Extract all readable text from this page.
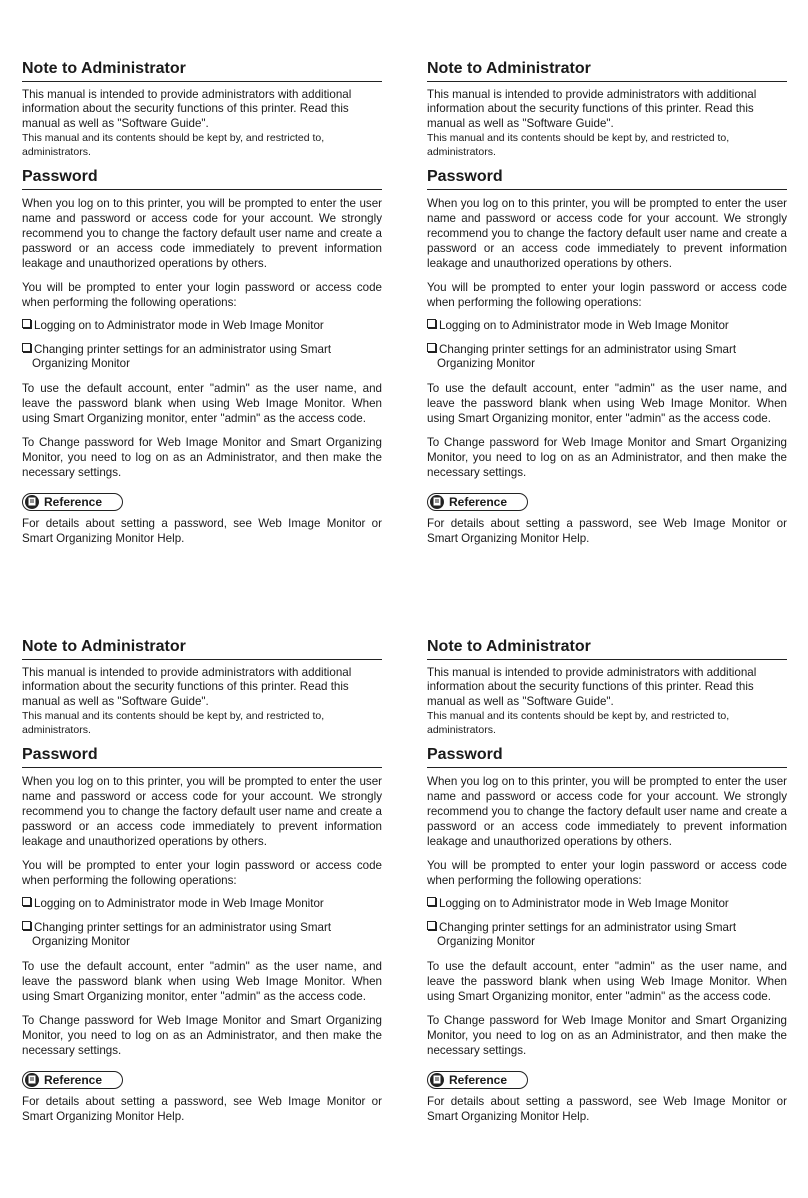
Note to Administrator

This manual is intended to provide administrators with additional information about the security functions of this printer. Read this manual as well as "Software Guide".

This manual and its contents should be kept by, and restricted to, administrators.

Password

When you log on to this printer, you will be prompted to enter the user name and password or access code for your account. We strongly recommend you to change the factory default user name and create a password or an access code immediately to prevent information leakage and unauthorized operations by others.

You will be prompted to enter your login password or access code when performing the following operations:

Logging on to Administrator mode in Web Image Monitor
Changing printer settings for an administrator using Smart Organizing Monitor

To use the default account, enter "admin" as the user name, and leave the password blank when using Web Image Monitor. When using Smart Organizing monitor, enter "admin" as the access code.

To Change password for Web Image Monitor and Smart Organizing Monitor, you need to log on as an Administrator, and then make the necessary settings.

Reference

For details about setting a password, see Web Image Monitor or Smart Organizing Monitor Help.

Note to Administrator

This manual is intended to provide administrators with additional information about the security functions of this printer. Read this manual as well as "Software Guide".

This manual and its contents should be kept by, and restricted to, administrators.

Password

When you log on to this printer, you will be prompted to enter the user name and password or access code for your account. We strongly recommend you to change the factory default user name and create a password or an access code immediately to prevent information leakage and unauthorized operations by others.

You will be prompted to enter your login password or access code when performing the following operations:

Logging on to Administrator mode in Web Image Monitor
Changing printer settings for an administrator using Smart Organizing Monitor

To use the default account, enter "admin" as the user name, and leave the password blank when using Web Image Monitor. When using Smart Organizing monitor, enter "admin" as the access code.

To Change password for Web Image Monitor and Smart Organizing Monitor, you need to log on as an Administrator, and then make the necessary settings.

Reference

For details about setting a password, see Web Image Monitor or Smart Organizing Monitor Help.

Note to Administrator

This manual is intended to provide administrators with additional information about the security functions of this printer. Read this manual as well as "Software Guide".

This manual and its contents should be kept by, and restricted to, administrators.

Password

When you log on to this printer, you will be prompted to enter the user name and password or access code for your account. We strongly recommend you to change the factory default user name and create a password or an access code immediately to prevent information leakage and unauthorized operations by others.

You will be prompted to enter your login password or access code when performing the following operations:

Logging on to Administrator mode in Web Image Monitor
Changing printer settings for an administrator using Smart Organizing Monitor

To use the default account, enter "admin" as the user name, and leave the password blank when using Web Image Monitor. When using Smart Organizing monitor, enter "admin" as the access code.

To Change password for Web Image Monitor and Smart Organizing Monitor, you need to log on as an Administrator, and then make the necessary settings.

Reference

For details about setting a password, see Web Image Monitor or Smart Organizing Monitor Help.

Note to Administrator

This manual is intended to provide administrators with additional information about the security functions of this printer. Read this manual as well as "Software Guide".

This manual and its contents should be kept by, and restricted to, administrators.

Password

When you log on to this printer, you will be prompted to enter the user name and password or access code for your account. We strongly recommend you to change the factory default user name and create a password or an access code immediately to prevent information leakage and unauthorized operations by others.

You will be prompted to enter your login password or access code when performing the following operations:

Logging on to Administrator mode in Web Image Monitor
Changing printer settings for an administrator using Smart Organizing Monitor

To use the default account, enter "admin" as the user name, and leave the password blank when using Web Image Monitor. When using Smart Organizing monitor, enter "admin" as the access code.

To Change password for Web Image Monitor and Smart Organizing Monitor, you need to log on as an Administrator, and then make the necessary settings.

Reference

For details about setting a password, see Web Image Monitor or Smart Organizing Monitor Help.
